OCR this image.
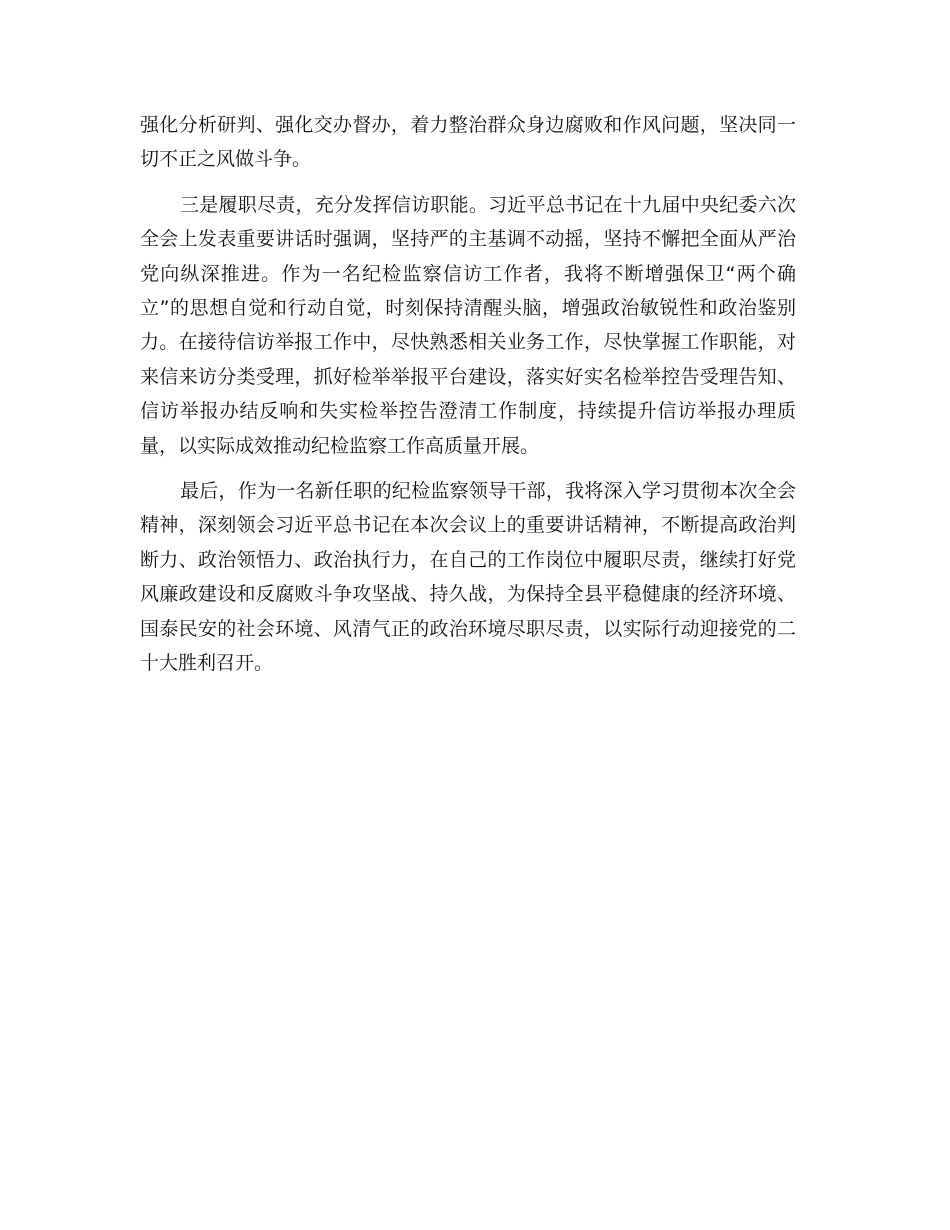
强化分析研判、强化交办督办，着力整治群众身边腐败和作风问题，坚决同一切不正之风做斗争。

三是履职尽责，充分发挥信访职能。习近平总书记在十九届中央纪委六次全会上发表重要讲话时强调，坚持严的主基调不动摇，坚持不懈把全面从严治党向纵深推进。作为一名纪检监察信访工作者，我将不断增强保卫“两个确立”的思想自觉和行动自觉，时刻保持清醒头脑，增强政治敏锐性和政治鉴别力。在接待信访举报工作中，尽快熟悉相关业务工作，尽快掌握工作职能，对来信来访分类受理，抓好检举举报平台建设，落实好实名检举控告受理告知、信访举报办结反响和失实检举控告澄清工作制度，持续提升信访举报办理质量，以实际成效推动纪检监察工作高质量开展。

最后，作为一名新任职的纪检监察领导干部，我将深入学习贯彻本次全会精神，深刻领会习近平总书记在本次会议上的重要讲话精神，不断提高政治判断力、政治领悟力、政治执行力，在自己的工作岗位中履职尽责，继续打好党风廉政建设和反腐败斗争攻坚战、持久战，为保持全县平稳健康的经济环境、国泰民安的社会环境、风清气正的政治环境尽职尽责，以实际行动迎接党的二十大胜利召开。
